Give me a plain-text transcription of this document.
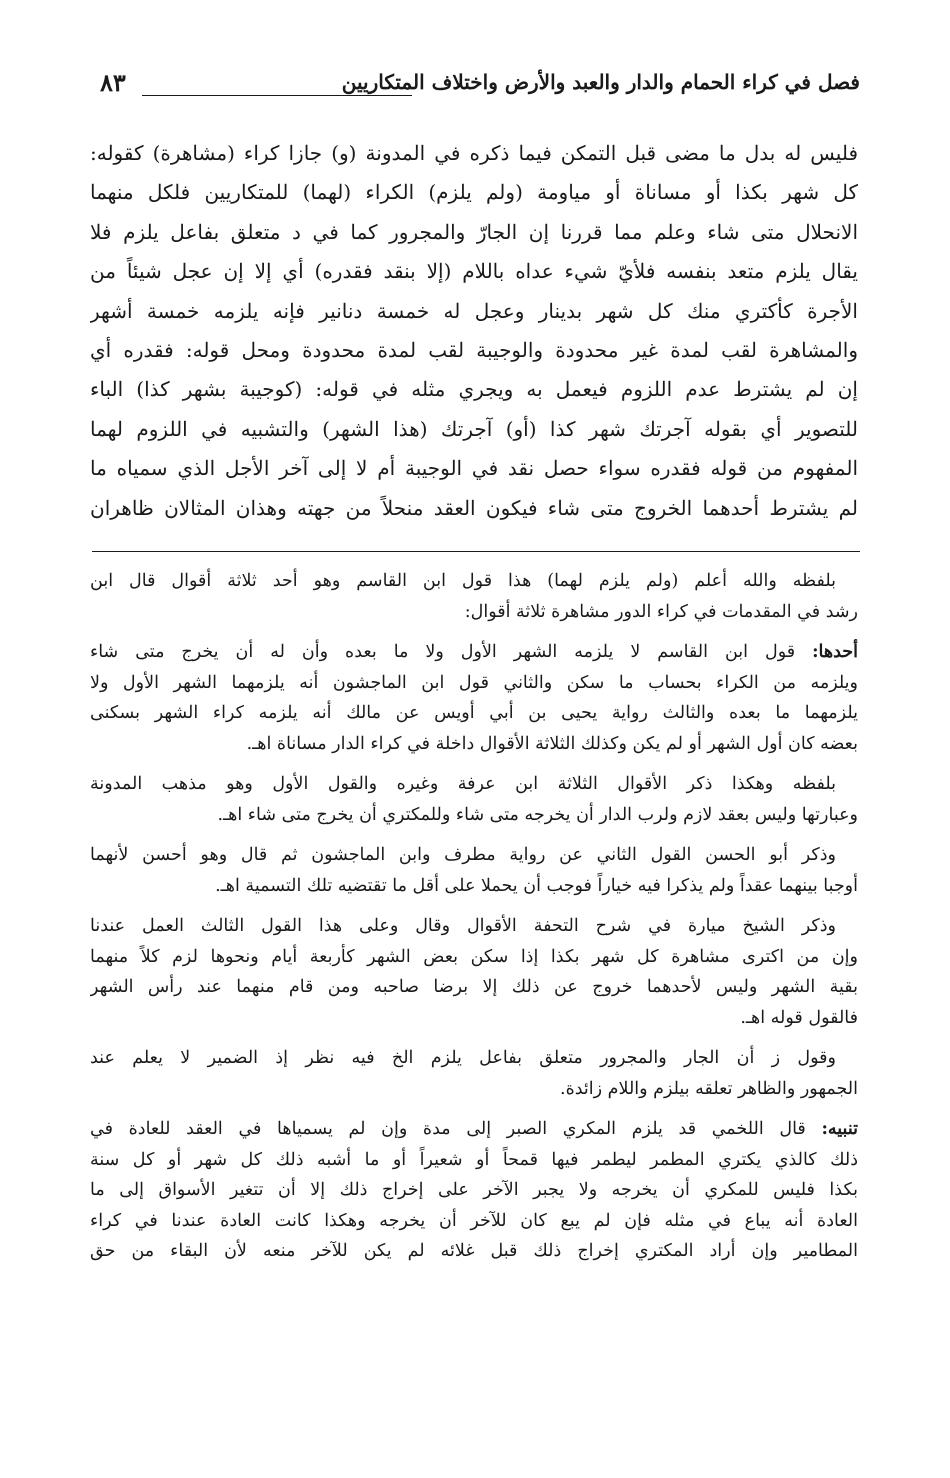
فصل في كراء الحمام والدار والعبد والأرض واختلاف المتكاريين
٨٣
فليس له بدل ما مضى قبل التمكن فيما ذكره في المدونة (و) جازا كراء (مشاهرة) كقوله:
كل شهر بكذا أو مساناة أو مياومة (ولم يلزم) الكراء (لهما) للمتكاريين فلكل منهما
الانحلال متى شاء وعلم مما قررنا إن الجارّ والمجرور كما في د متعلق بفاعل يلزم فلا
يقال يلزم متعد بنفسه فلأيّ شيء عداه باللام (إلا بنقد فقدره) أي إلا إن عجل شيئاً من
الأجرة كأكتري منك كل شهر بدينار وعجل له خمسة دنانير فإنه يلزمه خمسة أشهر
والمشاهرة لقب لمدة غير محدودة والوجيبة لقب لمدة محدودة ومحل قوله: فقدره أي
إن لم يشترط عدم اللزوم فيعمل به ويجري مثله في قوله: (كوجيبة بشهر كذا) الباء
للتصوير أي بقوله آجرتك شهر كذا (أو) آجرتك (هذا الشهر) والتشبيه في اللزوم لهما
المفهوم من قوله فقدره سواء حصل نقد في الوجيبة أم لا إلى آخر الأجل الذي سمياه ما
لم يشترط أحدهما الخروج متى شاء فيكون العقد منحلاً من جهته وهذان المثالان ظاهران
بلفظه والله أعلم (ولم يلزم لهما) هذا قول ابن القاسم وهو أحد ثلاثة أقوال قال ابن
رشد في المقدمات في كراء الدور مشاهرة ثلاثة أقوال:
أحدها: قول ابن القاسم لا يلزمه الشهر الأول ولا ما بعده وأن له أن يخرج متى شاء
ويلزمه من الكراء بحساب ما سكن والثاني قول ابن الماجشون أنه يلزمهما الشهر الأول ولا
يلزمهما ما بعده والثالث رواية يحيى بن أبي أويس عن مالك أنه يلزمه كراء الشهر بسكنى
بعضه كان أول الشهر أو لم يكن وكذلك الثلاثة الأقوال داخلة في كراء الدار مساناة اهـ.
بلفظه وهكذا ذكر الأقوال الثلاثة ابن عرفة وغيره والقول الأول وهو مذهب المدونة
وعبارتها وليس بعقد لازم ولرب الدار أن يخرجه متى شاء وللمكتري أن يخرج متى شاء اهـ.
وذكر أبو الحسن القول الثاني عن رواية مطرف وابن الماجشون ثم قال وهو أحسن لأنهما
أوجبا بينهما عقداً ولم يذكرا فيه خياراً فوجب أن يحملا على أقل ما تقتضيه تلك التسمية اهـ.
وذكر الشيخ ميارة في شرح التحفة الأقوال وقال وعلى هذا القول الثالث العمل عندنا
وإن من اكترى مشاهرة كل شهر بكذا إذا سكن بعض الشهر كأربعة أيام ونحوها لزم كلاً منهما
بقية الشهر وليس لأحدهما خروج عن ذلك إلا برضا صاحبه ومن قام منهما عند رأس الشهر
فالقول قوله اهـ.
وقول ز أن الجار والمجرور متعلق بفاعل يلزم الخ فيه نظر إذ الضمير لا يعلم عند
الجمهور والظاهر تعلقه بيلزم واللام زائدة.
تنبيه: قال اللخمي قد يلزم المكري الصبر إلى مدة وإن لم يسمياها في العقد للعادة في
ذلك كالذي يكتري المطمر ليطمر فيها قمحاً أو شعيراً أو ما أشبه ذلك كل شهر أو كل سنة
بكذا فليس للمكري أن يخرجه ولا يجبر الآخر على إخراج ذلك إلا أن تتغير الأسواق إلى ما
العادة أنه يباع في مثله فإن لم يبع كان للآخر أن يخرجه وهكذا كانت العادة عندنا في كراء
المطامير وإن أراد المكتري إخراج ذلك قبل غلائه لم يكن للآخر منعه لأن البقاء من حق
